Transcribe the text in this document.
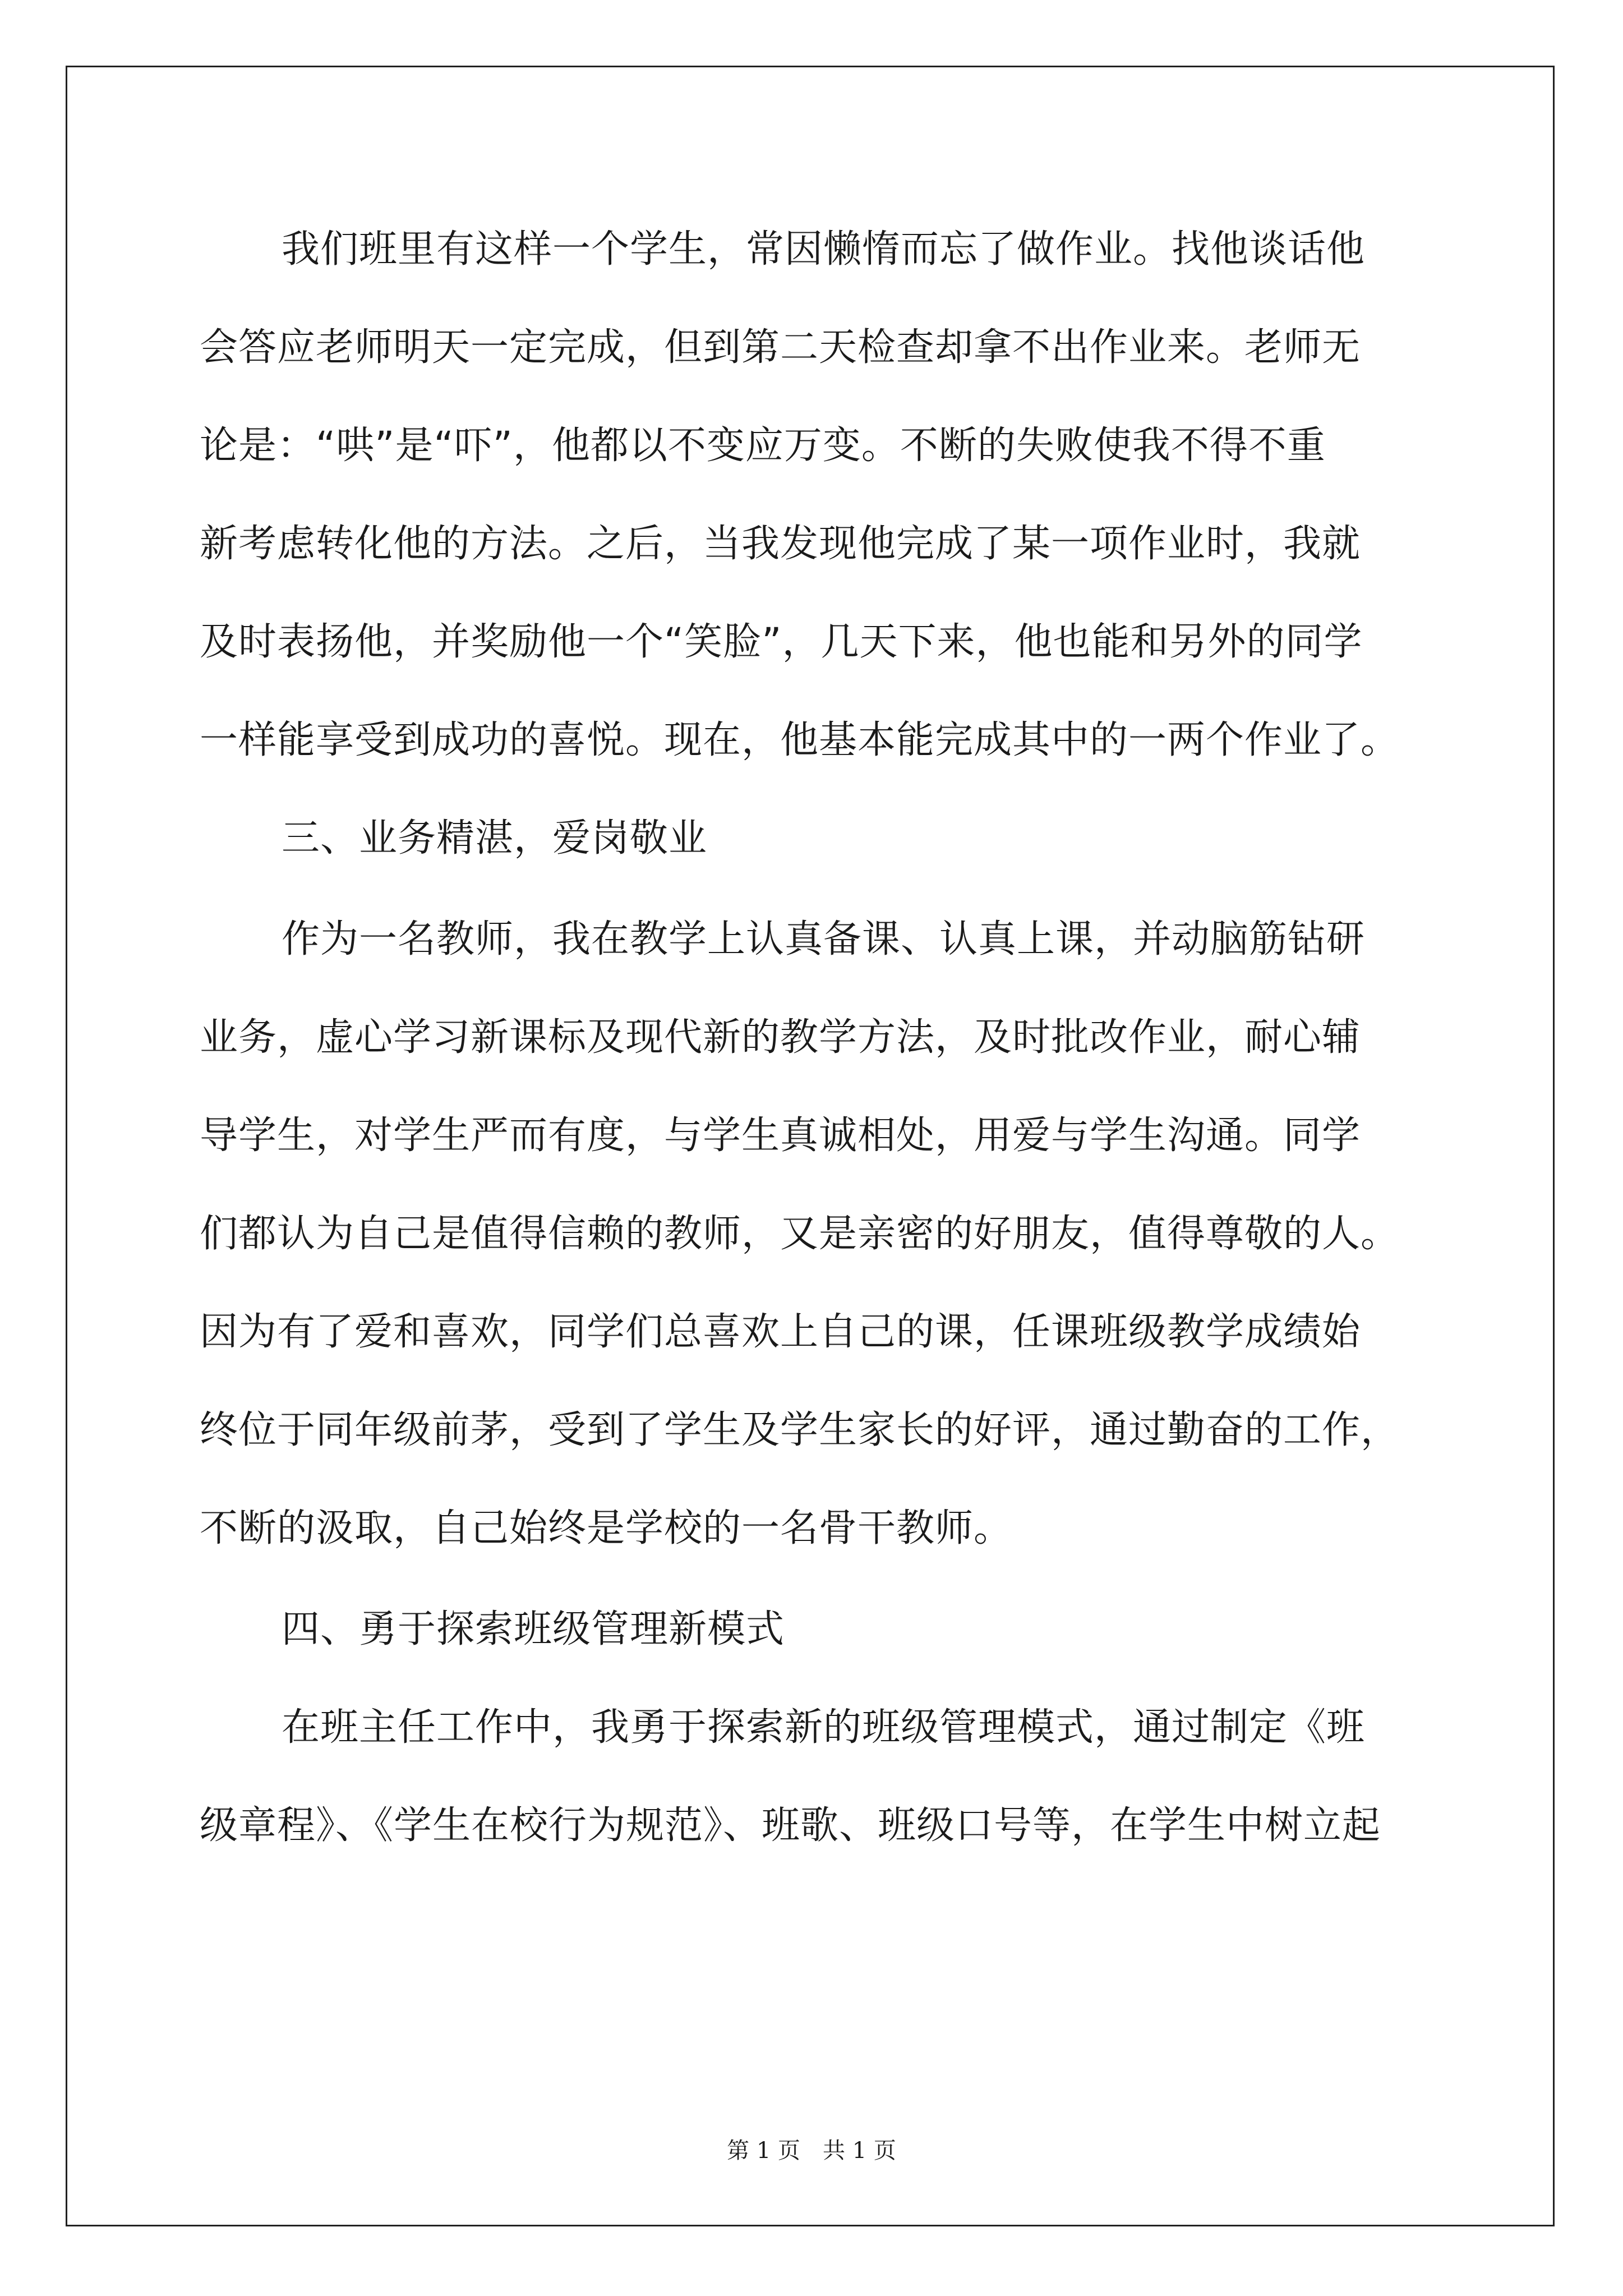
我们班里有这样一个学生，常因懒惰而忘了做作业。找他谈话他
会答应老师明天一定完成，但到第二天检查却拿不出作业来。老师无
论是：“哄”是“吓”，他都以不变应万变。不断的失败使我不得不重
新考虑转化他的方法。之后，当我发现他完成了某一项作业时，我就
及时表扬他，并奖励他一个“笑脸”，几天下来，他也能和另外的同学
一样能享受到成功的喜悦。现在，他基本能完成其中的一两个作业了。
三、业务精湛，爱岗敬业
作为一名教师，我在教学上认真备课、认真上课，并动脑筋钻研
业务，虚心学习新课标及现代新的教学方法，及时批改作业，耐心辅
导学生，对学生严而有度，与学生真诚相处，用爱与学生沟通。同学
们都认为自己是值得信赖的教师，又是亲密的好朋友，值得尊敬的人。
因为有了爱和喜欢，同学们总喜欢上自己的课，任课班级教学成绩始
终位于同年级前茅，受到了学生及学生家长的好评，通过勤奋的工作，
不断的汲取，自己始终是学校的一名骨干教师。
四、勇于探索班级管理新模式
在班主任工作中，我勇于探索新的班级管理模式，通过制定《班
级章程》、《学生在校行为规范》、班歌、班级口号等，在学生中树立起
第 1 页　共 1 页
